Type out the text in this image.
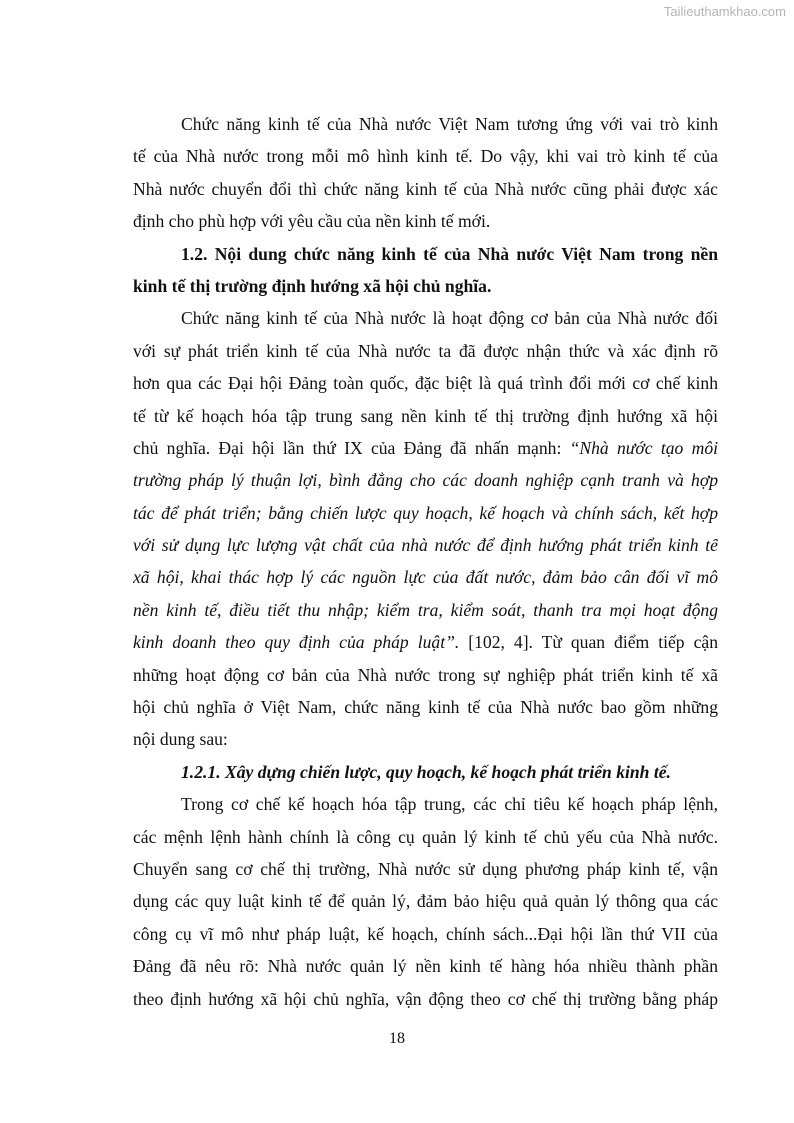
Tailieuthamkhao.com
Chức năng kinh tế của Nhà nước Việt Nam tương ứng với vai trò kinh
tế của Nhà nước trong mỗi mô hình kinh tế. Do vậy, khi vai trò kinh tế của
Nhà nước chuyển đổi thì chức năng kinh tế của Nhà nước cũng phải được xác
định cho phù hợp với yêu cầu của nền kinh tế mới.
1.2. Nội dung chức năng kinh tế của Nhà nước Việt Nam trong nền
kinh tế thị trường định hướng xã hội chủ nghĩa.
Chức năng kinh tế của Nhà nước là hoạt động cơ bản của Nhà nước đối
với sự phát triển kinh tế của Nhà nước ta đã được nhận thức và xác định rõ
hơn qua các Đại hội Đảng toàn quốc, đặc biệt là quá trình đổi mới cơ chế kinh
tế từ kế hoạch hóa tập trung sang nền kinh tế thị trường định hướng xã hội
chủ nghĩa. Đại hội lần thứ IX của Đảng đã nhấn mạnh: “Nhà nước tạo môi
trường pháp lý thuận lợi, bình đẳng cho các doanh nghiệp cạnh tranh và hợp
tác để phát triển; bằng chiến lược quy hoạch, kế hoạch và chính sách, kết hợp
với sử dụng lực lượng vật chất của nhà nước để định hướng phát triển kinh tế
xã hội, khai thác hợp lý các nguồn lực của đất nước, đảm bảo cân đối vĩ mô
nền kinh tế, điều tiết thu nhập; kiểm tra, kiểm soát, thanh tra mọi hoạt động
kinh doanh theo quy định của pháp luật”. [102, 4]. Từ quan điểm tiếp cận
những hoạt động cơ bản của Nhà nước trong sự nghiệp phát triển kinh tế xã
hội chủ nghĩa ở Việt Nam, chức năng kinh tế của Nhà nước bao gồm những
nội dung sau:
1.2.1. Xây dựng chiến lược, quy hoạch, kế hoạch phát triển kinh tế.
Trong cơ chế kế hoạch hóa tập trung, các chỉ tiêu kế hoạch pháp lệnh,
các mệnh lệnh hành chính là công cụ quản lý kinh tế chủ yếu của Nhà nước.
Chuyển sang cơ chế thị trường, Nhà nước sử dụng phương pháp kinh tế, vận
dụng các quy luật kinh tế để quản lý, đảm bảo hiệu quả quản lý thông qua các
công cụ vĩ mô như pháp luật, kế hoạch, chính sách...Đại hội lần thứ VII của
Đảng đã nêu rõ: Nhà nước quản lý nền kinh tế hàng hóa nhiều thành phần
theo định hướng xã hội chủ nghĩa, vận động theo cơ chế thị trường bằng pháp
18
